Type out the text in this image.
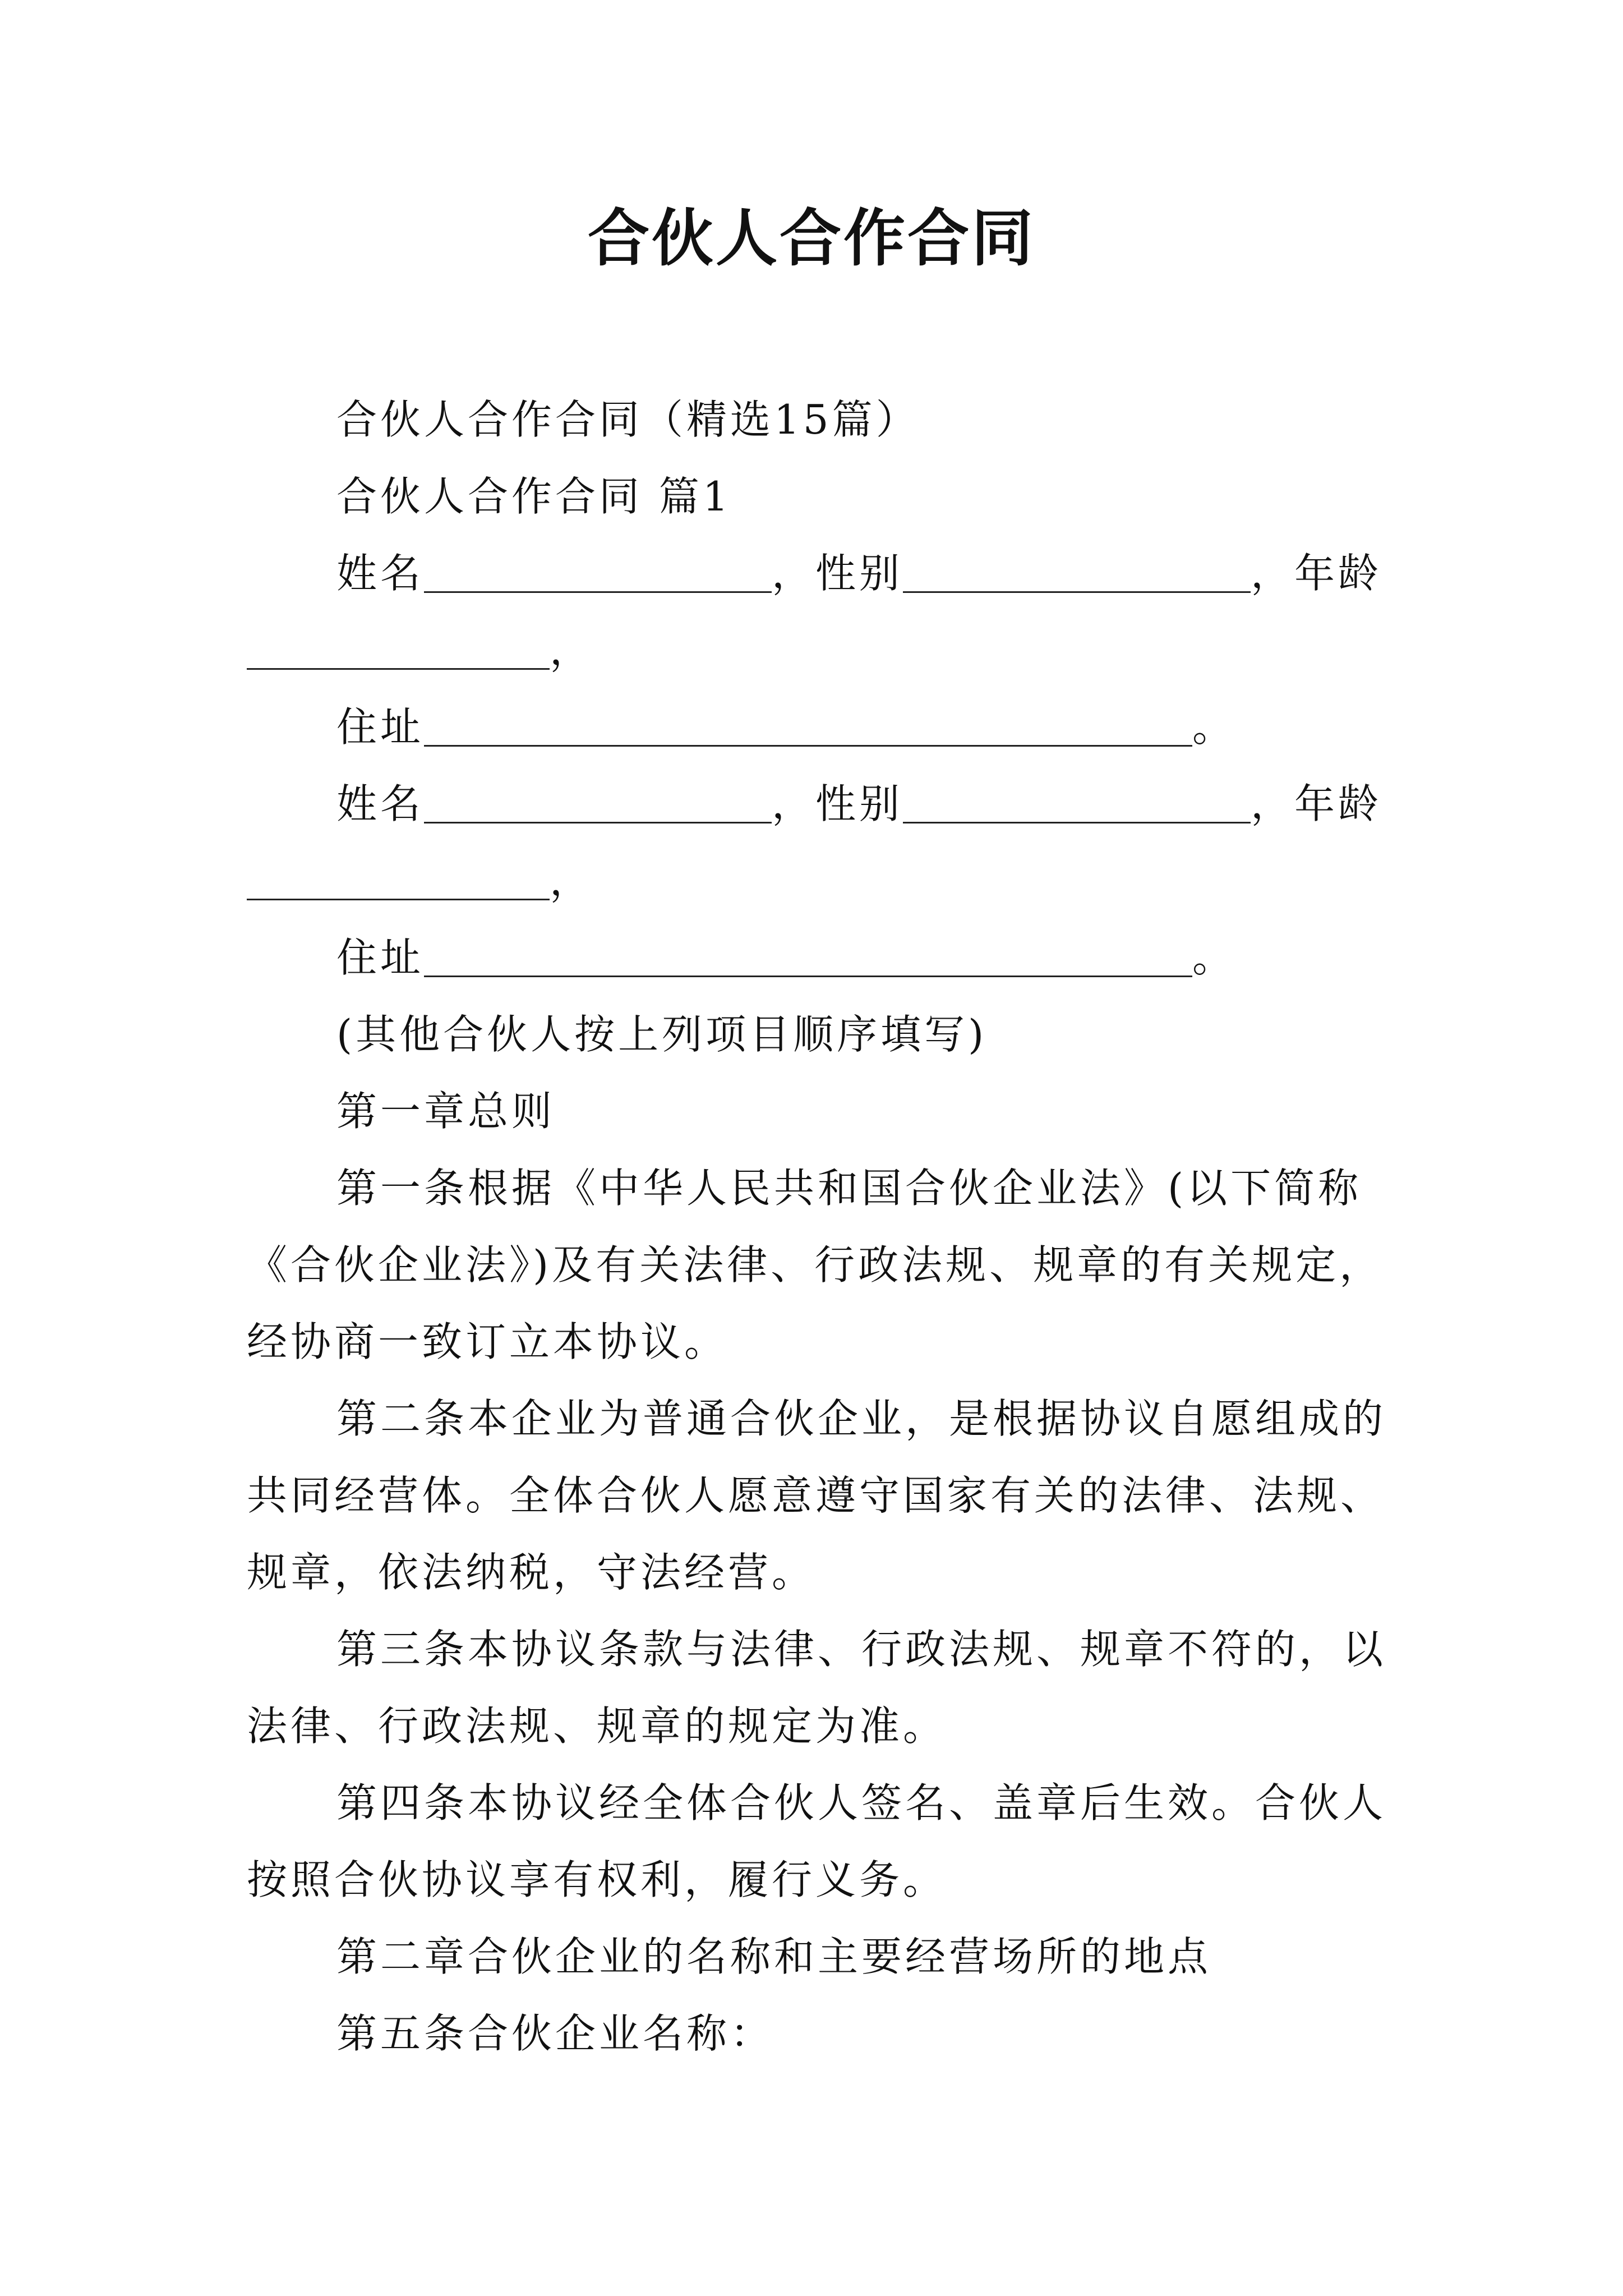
合伙人合作合同

合伙人合作合同（精选15篇）

合伙人合作合同 篇1

姓名	，性别	，年龄

，

住址	。

姓名	，性别	，年龄

，

住址	。

(其他合伙人按上列项目顺序填写)

第一章总则

第一条根据《中华人民共和国合伙企业法》(以下简称《合伙企业法》)及有关法律、行政法规、规章的有关规定，经协商一致订立本协议。

第二条本企业为普通合伙企业，是根据协议自愿组成的共同经营体。全体合伙人愿意遵守国家有关的法律、法规、规章，依法纳税，守法经营。

第三条本协议条款与法律、行政法规、规章不符的，以法律、行政法规、规章的规定为准。

第四条本协议经全体合伙人签名、盖章后生效。合伙人按照合伙协议享有权利，履行义务。

第二章合伙企业的名称和主要经营场所的地点

第五条合伙企业名称：
